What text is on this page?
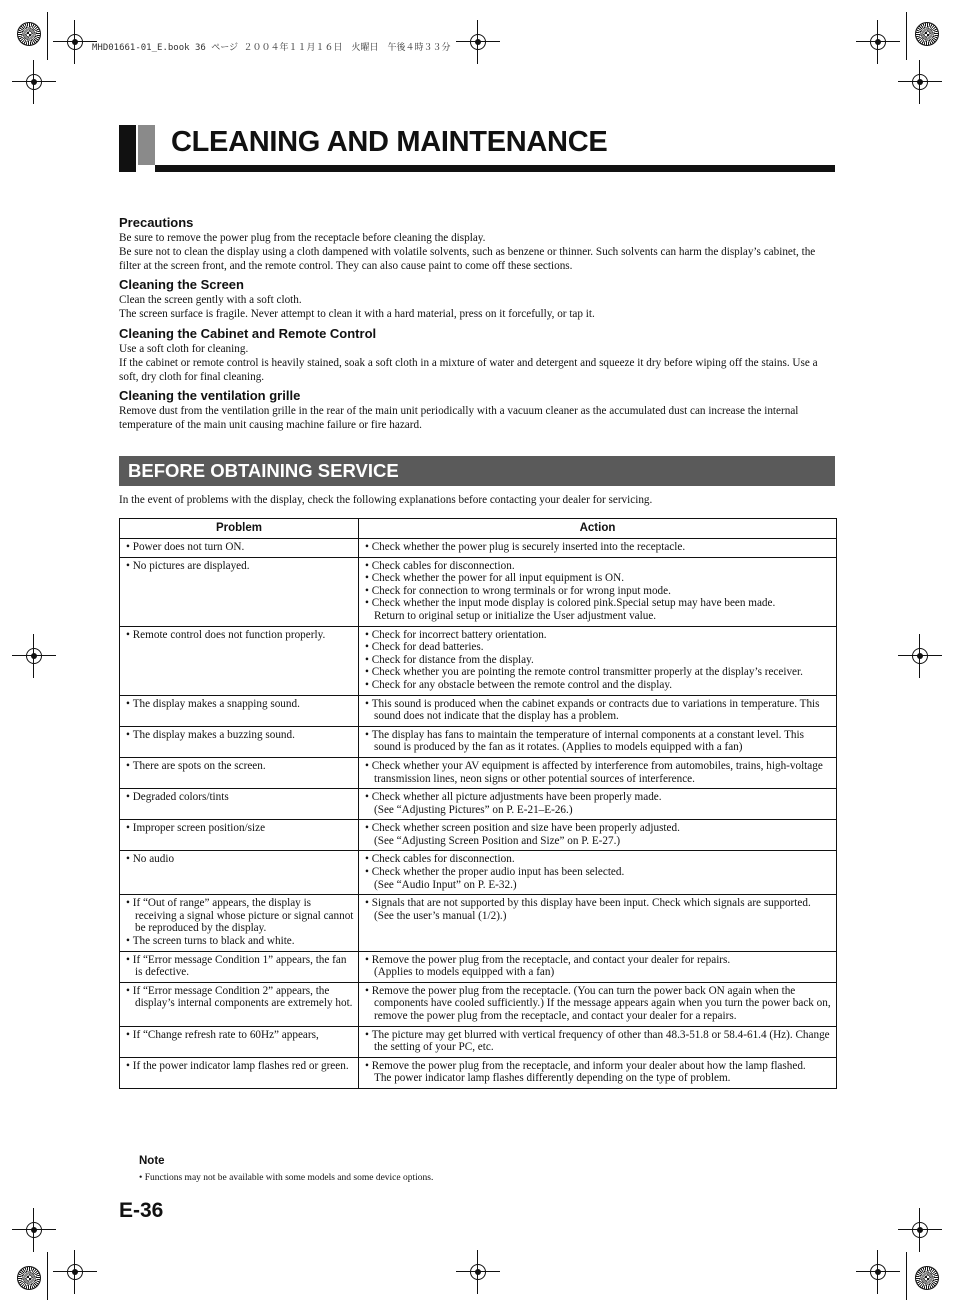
MHD01661-01_E.book 36 ページ ２００４年１１月１６日　火曜日　午後４時３３分
CLEANING AND MAINTENANCE

Precautions

Be sure to remove the power plug from the receptacle before cleaning the display.

Be sure not to clean the display using a cloth dampened with volatile solvents, such as benzene or thinner. Such solvents can harm the display’s cabinet, the filter at the screen front, and the remote control. They can also cause paint to come off these sections.

Cleaning the Screen

Clean the screen gently with a soft cloth.

The screen surface is fragile. Never attempt to clean it with a hard material, press on it forcefully, or tap it.

Cleaning the Cabinet and Remote Control

Use a soft cloth for cleaning.

If the cabinet or remote control is heavily stained, soak a soft cloth in a mixture of water and detergent and squeeze it dry before wiping off the stains. Use a soft, dry cloth for final cleaning.

Cleaning the ventilation grille

Remove dust from the ventilation grille in the rear of the main unit periodically with a vacuum cleaner as the accumulated dust can increase the internal temperature of the main unit causing machine failure or fire hazard.

BEFORE OBTAINING SERVICE
In the event of problems with the display, check the following explanations before contacting your dealer for servicing.
Problem	Action

• Power does not turn ON.	• Check whether the power plug is securely inserted into the receptacle.

• No pictures are displayed.	• Check cables for disconnection.
• Check whether the power for all input equipment is ON.
• Check for connection to wrong terminals or for wrong input mode.
• Check whether the input mode display is colored pink.Special setup may have been made.
Return to original setup or initialize the User adjustment value.

• Remote control does not function properly.	• Check for incorrect battery orientation.
• Check for dead batteries.
• Check for distance from the display.
• Check whether you are pointing the remote control transmitter properly at the display’s receiver.
• Check for any obstacle between the remote control and the display.

• The display makes a snapping sound.	• This sound is produced when the cabinet expands or contracts due to variations in temperature. This sound does not indicate that the display has a problem.

• The display makes a buzzing sound.	• The display has fans to maintain the temperature of internal components at a constant level. This sound is produced by the fan as it rotates. (Applies to models equipped with a fan)

• There are spots on the screen.	• Check whether your AV equipment is affected by interference from automobiles, trains, high-voltage transmission lines, neon signs or other potential sources of interference.

• Degraded colors/tints	• Check whether all picture adjustments have been properly made.
(See “Adjusting Pictures” on P. E-21–E-26.)

• Improper screen position/size	• Check whether screen position and size have been properly adjusted.
(See “Adjusting Screen Position and Size” on P. E-27.)

• No audio	• Check cables for disconnection.
• Check whether the proper audio input has been selected.
(See “Audio Input” on P. E-32.)

• If “Out of range” appears, the display is receiving a signal whose picture or signal cannot be reproduced by the display.
• The screen turns to black and white.	• Signals that are not supported by this display have been input. Check which signals are supported. (See the user’s manual (1/2).)

• If “Error message Condition 1” appears, the fan is defective.	• Remove the power plug from the receptacle, and contact your dealer for repairs.
(Applies to models equipped with a fan)

• If “Error message Condition 2” appears, the display’s internal components are extremely hot.	• Remove the power plug from the receptacle. (You can turn the power back ON again when the components have cooled sufficiently.) If the message appears again when you turn the power back on, remove the power plug from the receptacle, and contact your dealer for a repairs.

• If “Change refresh rate to 60Hz” appears,	• The picture may get blurred with vertical frequency of other than 48.3-51.8 or 58.4-61.4 (Hz). Change the setting of your PC, etc.

• If the power indicator lamp flashes red or green.	• Remove the power plug from the receptacle, and inform your dealer about how the lamp flashed.
The power indicator lamp flashes differently depending on the type of problem.
Note
• Functions may not be available with some models and some device options.
E-36
